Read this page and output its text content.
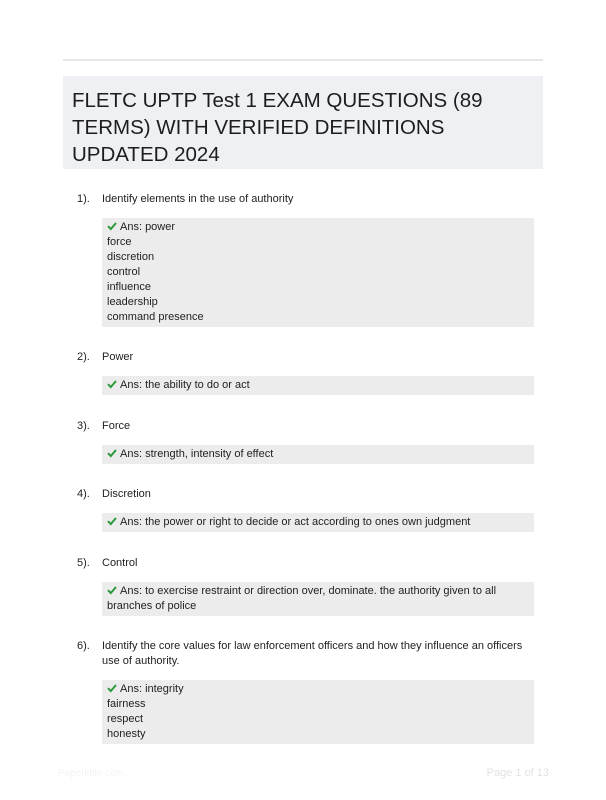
FLETC UPTP Test 1 EXAM QUESTIONS (89 TERMS) WITH VERIFIED DEFINITIONS UPDATED 2024
1). Identify elements in the use of authority
Ans: power
force
discretion
control
influence
leadership
command presence
2). Power
Ans: the ability to do or act
3). Force
Ans: strength, intensity of effect
4). Discretion
Ans: the power or right to decide or act according to ones own judgment
5). Control
Ans: to exercise restraint or direction over, dominate. the authority given to all branches of police
6). Identify the core values for law enforcement officers and how they influence an officers use of authority.
Ans: integrity
fairness
respect
honesty
Paperlittle.com	Page 1 of 13
